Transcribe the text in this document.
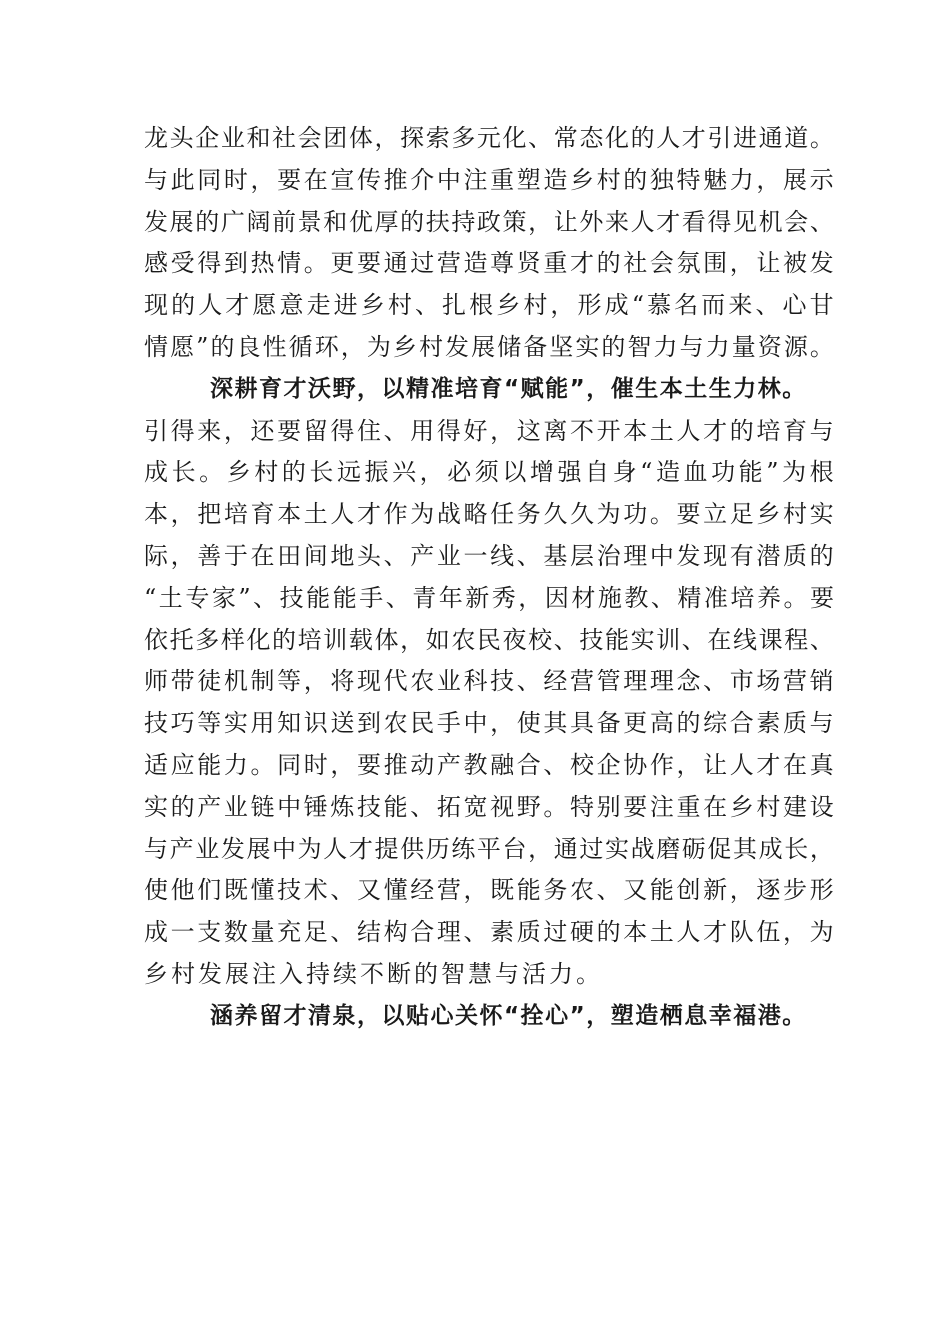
龙 头 企 业 和 社 会 团 体 ， 探 索 多 元 化 、 常 态 化 的 人 才 引 进 通 道 。
与 此 同 时 ， 要 在 宣 传 推 介 中 注 重 塑 造 乡 村 的 独 特 魅 力 ， 展 示
发 展 的 广 阔 前 景 和 优 厚 的 扶 持 政 策 ， 让 外 来 人 才 看 得 见 机 会 、
感 受 得 到 热 情 。 更 要 通 过 营 造 尊 贤 重 才 的 社 会 氛 围 ， 让 被 发
现 的 人 才 愿 意 走 进 乡 村 、 扎 根 乡 村 ， 形 成 “ 慕 名 而 来 、 心 甘
情 愿 ” 的 良 性 循 环 ， 为 乡 村 发 展 储 备 坚 实 的 智 力 与 力 量 资 源 。
深耕育才沃野，以精准培育“赋能”，催生本土生力林。
引 得 来 ， 还 要 留 得 住 、 用 得 好 ， 这 离 不 开 本 土 人 才 的 培 育 与
成 长 。 乡 村 的 长 远 振 兴 ， 必 须 以 增 强 自 身 “ 造 血 功 能 ” 为 根
本 ， 把 培 育 本 土 人 才 作 为 战 略 任 务 久 久 为 功 。 要 立 足 乡 村 实
际 ， 善 于 在 田 间 地 头 、 产 业 一 线 、 基 层 治 理 中 发 现 有 潜 质 的
“ 土 专 家 ” 、 技 能 能 手 、 青 年 新 秀 ， 因 材 施 教 、 精 准 培 养 。 要
依 托 多 样 化 的 培 训 载 体 ， 如 农 民 夜 校 、 技 能 实 训 、 在 线 课 程 、
师 带 徒 机 制 等 ， 将 现 代 农 业 科 技 、 经 营 管 理 理 念 、 市 场 营 销
技 巧 等 实 用 知 识 送 到 农 民 手 中 ， 使 其 具 备 更 高 的 综 合 素 质 与
适 应 能 力 。 同 时 ， 要 推 动 产 教 融 合 、 校 企 协 作 ， 让 人 才 在 真
实 的 产 业 链 中 锤 炼 技 能 、 拓 宽 视 野 。 特 别 要 注 重 在 乡 村 建 设
与 产 业 发 展 中 为 人 才 提 供 历 练 平 台 ， 通 过 实 战 磨 砺 促 其 成 长 ，
使 他 们 既 懂 技 术 、 又 懂 经 营 ， 既 能 务 农 、 又 能 创 新 ， 逐 步 形
成 一 支 数 量 充 足 、 结 构 合 理 、 素 质 过 硬 的 本 土 人 才 队 伍 ， 为
乡村发展注入持续不断的智慧与活力。
涵养留才清泉，以贴心关怀“拴心”，塑造栖息幸福港。
